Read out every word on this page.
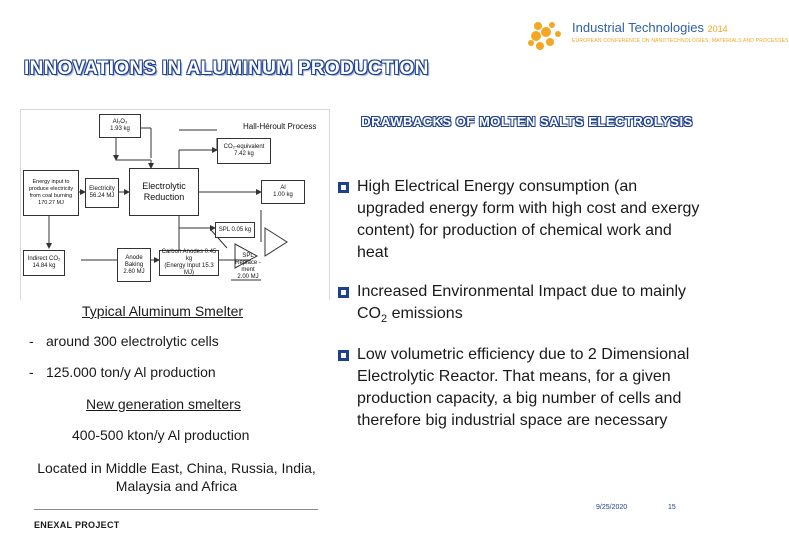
INNOVATIONS IN ALUMINUM PRODUCTION
Industrial Technologies 2014
EUROPEAN CONFERENCE ON NANOTECHNOLOGIES, MATERIALS AND PROCESSES
Hall-Héroult Process
Al₂O₃
1.93 kg
CO₂-equivalent
7.42 kg
Energy input to produce electricity from coal burning
170.27 MJ
Electricity
56.24 MJ
Electrolytic Reduction
Al
1.00 kg
SPL 0.05 kg
Indirect CO₂
14.84 kg
Anode Baking
2.60 MJ
Carbon Anodes 0.45 kg
(Energy Input 15.3 MJ)
SPL Replace -ment
2.00 MJ
Typical Aluminum Smelter
- around 300 electrolytic cells
- 125.000 ton/y Al production
New generation smelters
400-500 kton/y Al production
Located in Middle East, China, Russia, India, Malaysia and Africa
DRAWBACKS OF MOLTEN SALTS ELECTROLYSIS
High Electrical Energy consumption (an upgraded energy form with high cost and exergy content) for production of chemical work and heat
Increased Environmental Impact due to mainly $CO_2$ emissions
Low volumetric efficiency due to 2 Dimensional Electrolytic Reactor. That means, for a given production capacity, a big number of cells and therefore big industrial space are necessary
9/25/2020	15
ENEXAL PROJECT
